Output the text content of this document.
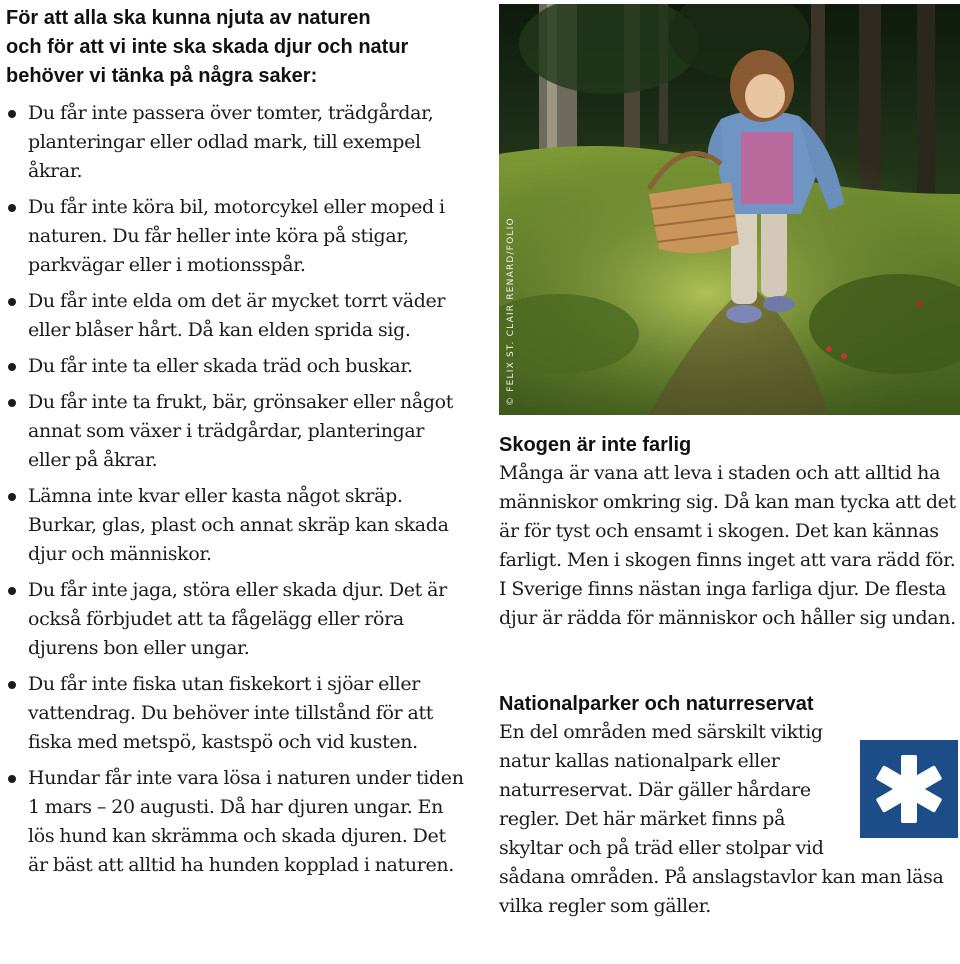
För att alla ska kunna njuta av naturen
och för att vi inte ska skada djur och natur
behöver vi tänka på några saker:

Du får inte passera över tomter, trädgårdar, planteringar eller odlad mark, till exempel åkrar.
Du får inte köra bil, motorcykel eller moped i naturen. Du får heller inte köra på stigar, parkvägar eller i motionsspår.
Du får inte elda om det är mycket torrt väder eller blåser hårt. Då kan elden sprida sig.
Du får inte ta eller skada träd och buskar.
Du får inte ta frukt, bär, grönsaker eller något annat som växer i trädgårdar, planteringar eller på åkrar.
Lämna inte kvar eller kasta något skräp. Burkar, glas, plast och annat skräp kan skada djur och människor.
Du får inte jaga, störa eller skada djur. Det är också förbjudet att ta fågelägg eller röra djurens bon eller ungar.
Du får inte fiska utan fiskekort i sjöar eller vattendrag. Du behöver inte tillstånd för att fiska med metspö, kastspö och vid kusten.
Hundar får inte vara lösa i naturen under tiden 1 mars – 20 augusti. Då har djuren ungar. En lös hund kan skrämma och skada djuren. Det är bäst att alltid ha hunden kopplad i naturen.
© FELIX ST. CLAIR RENARD/FOLIO
Skogen är inte farlig

Många är vana att leva i staden och att alltid ha människor omkring sig. Då kan man tycka att det är för tyst och ensamt i skogen. Det kan kännas farligt. Men i skogen finns inget att vara rädd för. I Sverige finns nästan inga farliga djur. De flesta djur är rädda för människor och håller sig undan.

Nationalparker och naturreservat

En del områden med särskilt viktig natur kallas nationalpark eller naturreservat. Där gäller hårdare regler. Det här märket finns på skyltar och på träd eller stolpar vid sådana områden. På anslagstavlor kan man läsa vilka regler som gäller.
